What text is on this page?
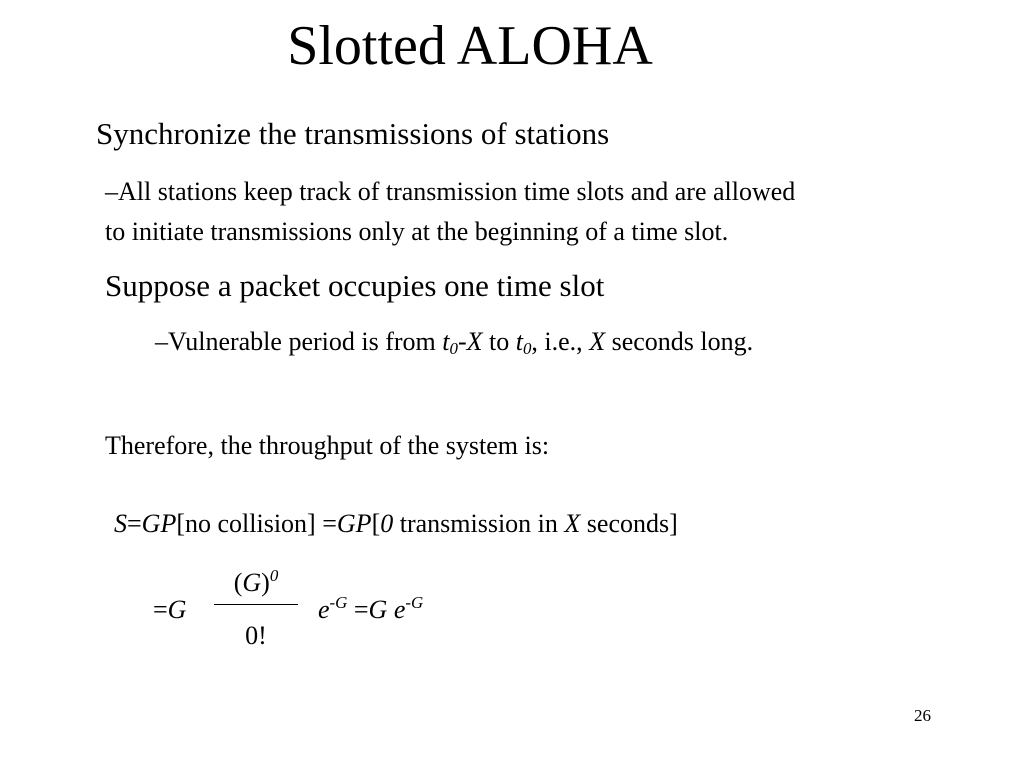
Slotted ALOHA
Synchronize the transmissions of stations
–All stations keep track of transmission time slots and are allowed
to initiate transmissions only at the beginning of a time slot.
Suppose a packet occupies one time slot
–Vulnerable period is from $t_0-X$ to $t_0$, i.e., X seconds long.
Therefore, the throughput of the system is:
S=GP[no collision] =GP[0 transmission in X seconds]
=G
$(G)^0$
0!
$e^{-G} =G$ $e^{-G}$
26
